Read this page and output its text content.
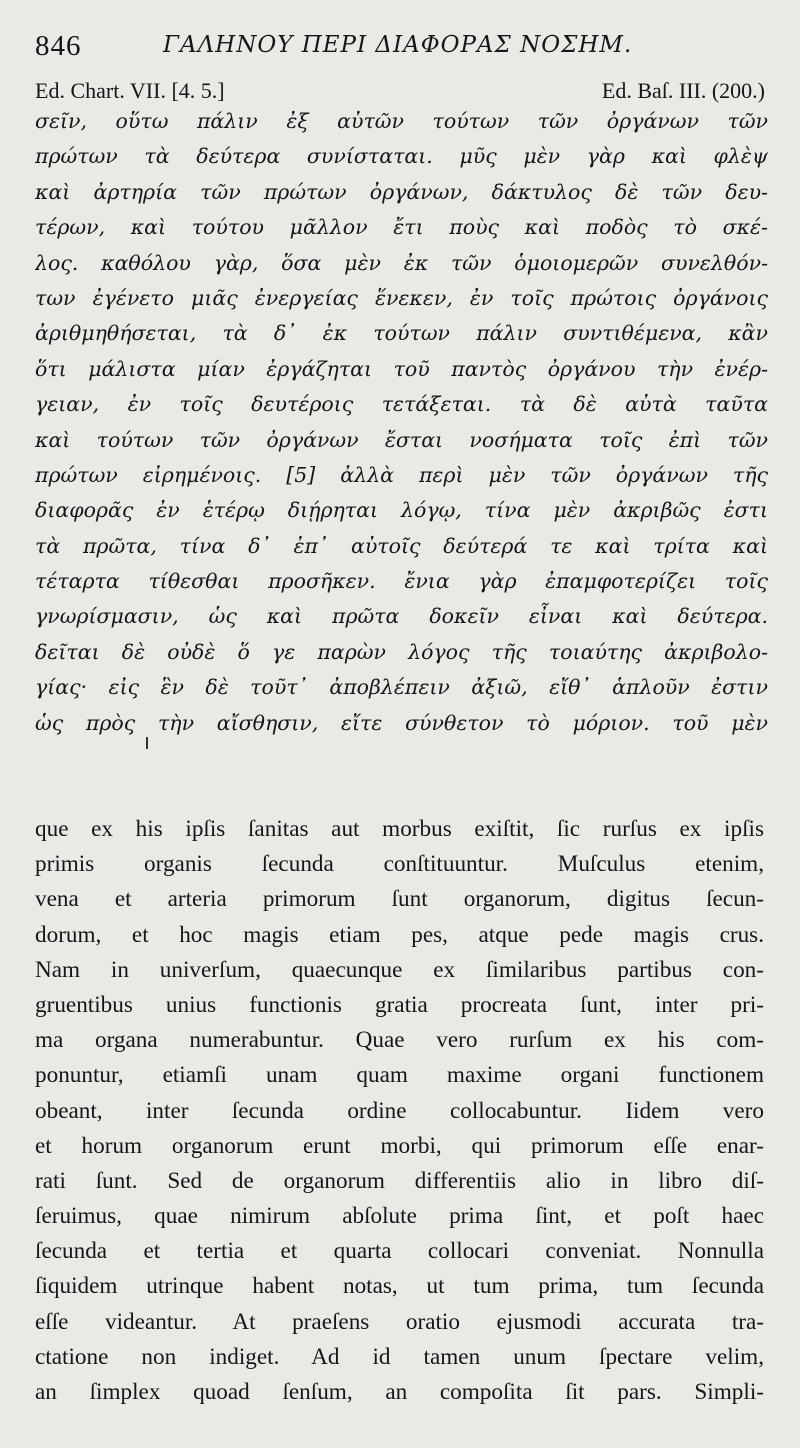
846	ΓΑΛΗΝΟΥ ΠΕΡΙ ΔΙΑΦΟΡΑΣ ΝΟΣΗΜ.
Ed. Chart. VII. [4. 5.]	Ed. Baſ. III. (200.)
σεῖν, οὕτω πάλιν ἐξ αὐτῶν τούτων τῶν ὀργάνων τῶν
πρώτων τὰ δεύτερα συνίσταται. μῦς μὲν γὰρ καὶ φλὲψ
καὶ ἀρτηρία τῶν πρώτων ὀργάνων, δάκτυλος δὲ τῶν δευ-
τέρων, καὶ τούτου μᾶλλον ἔτι ποὺς καὶ ποδὸς τὸ σκέ-
λος. καθόλου γὰρ, ὅσα μὲν ἐκ τῶν ὁμοιομερῶν συνελθόν-
των ἐγένετο μιᾶς ἐνεργείας ἕνεκεν, ἐν τοῖς πρώτοις ὀργάνοις
ἀριθμηθήσεται, τὰ δ᾽ ἐκ τούτων πάλιν συντιθέμενα, κἂν
ὅτι μάλιστα μίαν ἐργάζηται τοῦ παντὸς ὀργάνου τὴν ἐνέρ-
γειαν, ἐν τοῖς δευτέροις τετάξεται. τὰ δὲ αὐτὰ ταῦτα
καὶ τούτων τῶν ὀργάνων ἔσται νοσήματα τοῖς ἐπὶ τῶν
πρώτων εἰρημένοις. [5] ἀλλὰ περὶ μὲν τῶν ὀργάνων τῆς
διαφορᾶς ἐν ἑτέρῳ διῄρηται λόγῳ, τίνα μὲν ἀκριβῶς ἐστι
τὰ πρῶτα, τίνα δ᾽ ἐπ᾽ αὐτοῖς δεύτερά τε καὶ τρίτα καὶ
τέταρτα τίθεσθαι προσῆκεν. ἔνια γὰρ ἐπαμφοτερίζει τοῖς
γνωρίσμασιν, ὡς καὶ πρῶτα δοκεῖν εἶναι καὶ δεύτερα.
δεῖται δὲ οὐδὲ ὅ γε παρὼν λόγος τῆς τοιαύτης ἀκριβολο-
γίας· εἰς ἓν δὲ τοῦτ᾽ ἀποβλέπειν ἀξιῶ, εἴθ᾽ ἁπλοῦν ἐστιν
ὡς πρὸς τὴν αἴσθησιν, εἴτε σύνθετον τὸ μόριον. τοῦ μὲν
que ex his ipſis ſanitas aut morbus exiſtit, ſic rurſus ex ipſis
primis organis ſecunda conſtituuntur. Muſculus etenim,
vena et arteria primorum ſunt organorum, digitus ſecun-
dorum, et hoc magis etiam pes, atque pede magis crus.
Nam in univerſum, quaecunque ex ſimilaribus partibus con-
gruentibus unius functionis gratia procreata ſunt, inter pri-
ma organa numerabuntur. Quae vero rurſum ex his com-
ponuntur, etiamſi unam quam maxime organi functionem
obeant, inter ſecunda ordine collocabuntur. Iidem vero
et horum organorum erunt morbi, qui primorum eſſe enar-
rati ſunt. Sed de organorum differentiis alio in libro diſ-
ſeruimus, quae nimirum abſolute prima ſint, et poſt haec
ſecunda et tertia et quarta collocari conveniat. Nonnulla
ſiquidem utrinque habent notas, ut tum prima, tum ſecunda
eſſe videantur. At praeſens oratio ejusmodi accurata tra-
ctatione non indiget. Ad id tamen unum ſpectare velim,
an ſimplex quoad ſenſum, an compoſita ſit pars. Simpli-
